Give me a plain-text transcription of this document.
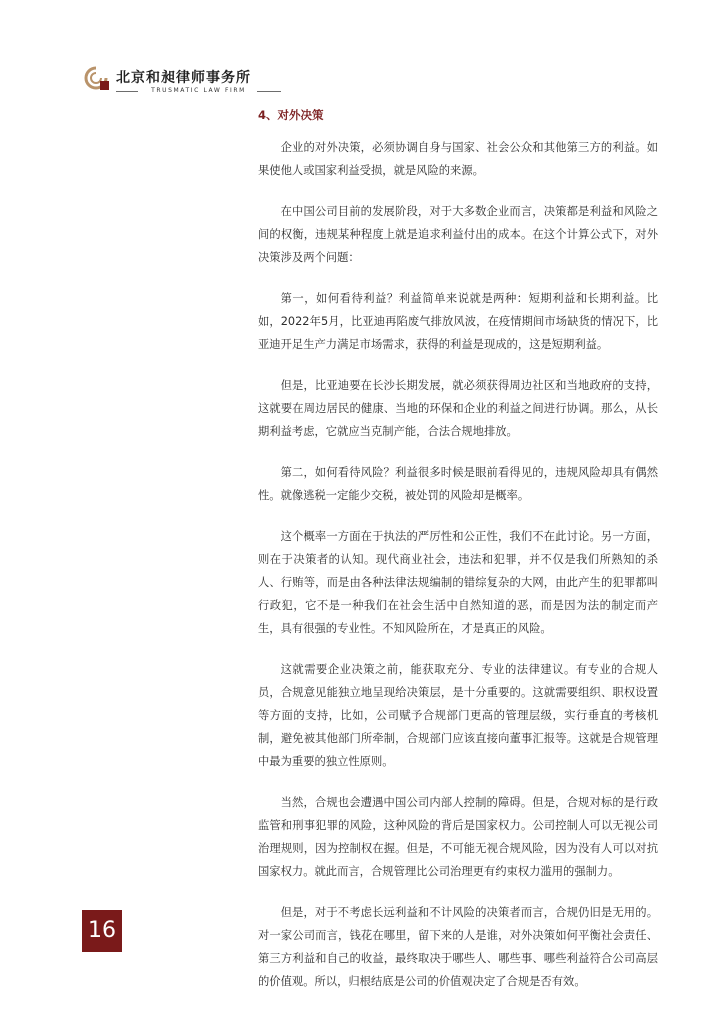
北京和昶律师事务所
TRUSMATIC LAW FIRM
4、对外决策

企业的对外决策，必须协调自身与国家、社会公众和其他第三方的利益。如果使他人或国家利益受损，就是风险的来源。

在中国公司目前的发展阶段，对于大多数企业而言，决策都是利益和风险之间的权衡，违规某种程度上就是追求利益付出的成本。在这个计算公式下，对外决策涉及两个问题：

第一，如何看待利益？利益简单来说就是两种：短期利益和长期利益。比如，2022年5月，比亚迪再陷废气排放风波，在疫情期间市场缺货的情况下，比亚迪开足生产力满足市场需求，获得的利益是现成的，这是短期利益。

但是，比亚迪要在长沙长期发展，就必须获得周边社区和当地政府的支持，这就要在周边居民的健康、当地的环保和企业的利益之间进行协调。那么，从长期利益考虑，它就应当克制产能，合法合规地排放。

第二，如何看待风险？利益很多时候是眼前看得见的，违规风险却具有偶然性。就像逃税一定能少交税，被处罚的风险却是概率。

这个概率一方面在于执法的严厉性和公正性，我们不在此讨论。另一方面，则在于决策者的认知。现代商业社会，违法和犯罪，并不仅是我们所熟知的杀人、行贿等，而是由各种法律法规编制的错综复杂的大网，由此产生的犯罪都叫行政犯，它不是一种我们在社会生活中自然知道的恶，而是因为法的制定而产生，具有很强的专业性。不知风险所在，才是真正的风险。

这就需要企业决策之前，能获取充分、专业的法律建议。有专业的合规人员，合规意见能独立地呈现给决策层，是十分重要的。这就需要组织、职权设置等方面的支持，比如，公司赋予合规部门更高的管理层级，实行垂直的考核机制，避免被其他部门所牵制，合规部门应该直接向董事汇报等。这就是合规管理中最为重要的独立性原则。

当然，合规也会遭遇中国公司内部人控制的障碍。但是，合规对标的是行政监管和刑事犯罪的风险，这种风险的背后是国家权力。公司控制人可以无视公司治理规则，因为控制权在握。但是，不可能无视合规风险，因为没有人可以对抗国家权力。就此而言，合规管理比公司治理更有约束权力滥用的强制力。

但是，对于不考虑长远利益和不计风险的决策者而言，合规仍旧是无用的。对一家公司而言，钱花在哪里，留下来的人是谁，对外决策如何平衡社会责任、第三方利益和自己的收益，最终取决于哪些人、哪些事、哪些利益符合公司高层的价值观。所以，归根结底是公司的价值观决定了合规是否有效。

16
